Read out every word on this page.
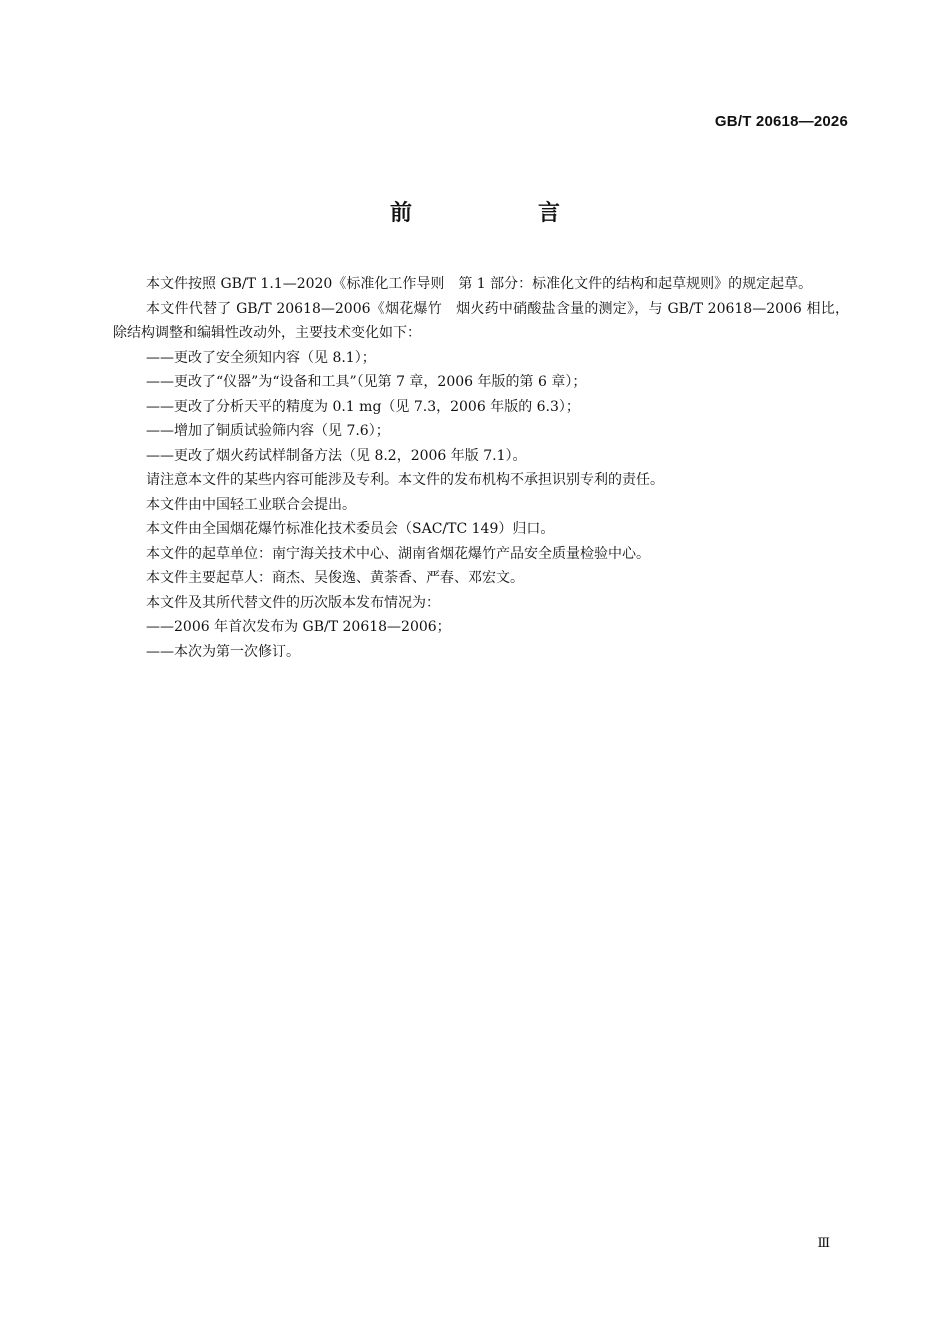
GB/T 20618—2026
前　言

本文件按照 GB/T 1.1—2020《标准化工作导则　第 1 部分：标准化文件的结构和起草规则》的规定起草。

本文件代替了 GB/T 20618—2006《烟花爆竹　烟火药中硝酸盐含量的测定》，与 GB/T 20618—2006 相比，除结构调整和编辑性改动外，主要技术变化如下：

——更改了安全须知内容（见 8.1）；

——更改了“仪器”为“设备和工具”（见第 7 章，2006 年版的第 6 章）；

——更改了分析天平的精度为 0.1 mg（见 7.3，2006 年版的 6.3）；

——增加了铜质试验筛内容（见 7.6）；

——更改了烟火药试样制备方法（见 8.2，2006 年版 7.1）。

请注意本文件的某些内容可能涉及专利。本文件的发布机构不承担识别专利的责任。

本文件由中国轻工业联合会提出。

本文件由全国烟花爆竹标准化技术委员会（SAC/TC 149）归口。

本文件的起草单位：南宁海关技术中心、湖南省烟花爆竹产品安全质量检验中心。

本文件主要起草人：商杰、吴俊逸、黄荼香、严春、邓宏文。

本文件及其所代替文件的历次版本发布情况为：

——2006 年首次发布为 GB/T 20618—2006；

——本次为第一次修订。

Ⅲ
